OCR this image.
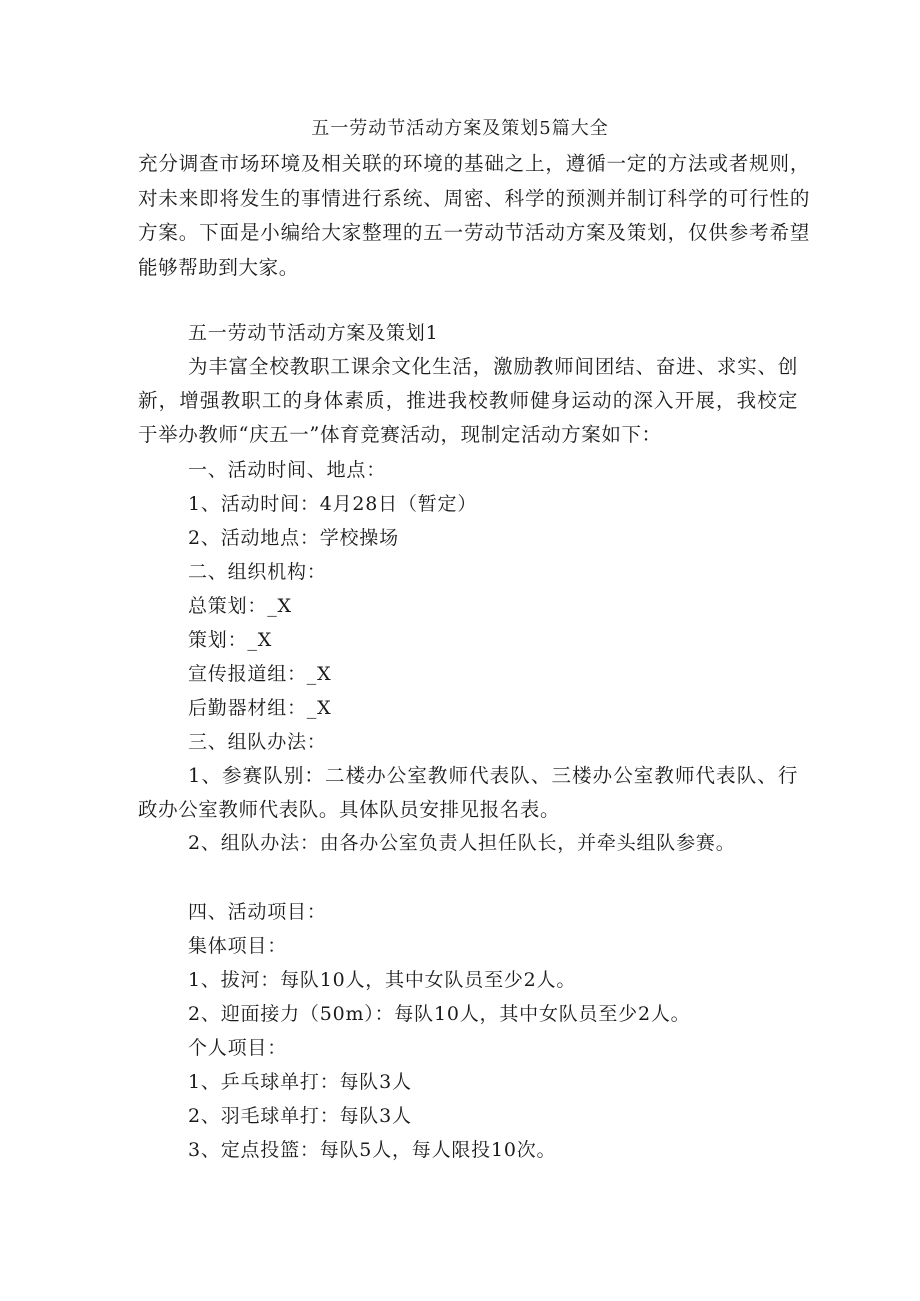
五一劳动节活动方案及策划5篇大全

充分调查市场环境及相关联的环境的基础之上，遵循一定的方法或者规则，对未来即将发生的事情进行系统、周密、科学的预测并制订科学的可行性的方案。下面是小编给大家整理的五一劳动节活动方案及策划，仅供参考希望能够帮助到大家。

五一劳动节活动方案及策划1

为丰富全校教职工课余文化生活，激励教师间团结、奋进、求实、创新，增强教职工的身体素质，推进我校教师健身运动的深入开展，我校定于举办教师“庆五一”体育竞赛活动，现制定活动方案如下：

一、活动时间、地点：

1、活动时间：4月28日（暂定）

2、活动地点：学校操场

二、组织机构：

总策划：_X

策划：_X

宣传报道组：_X

后勤器材组：_X

三、组队办法：

1、参赛队别：二楼办公室教师代表队、三楼办公室教师代表队、行政办公室教师代表队。具体队员安排见报名表。

2、组队办法：由各办公室负责人担任队长，并牵头组队参赛。

四、活动项目：

集体项目：

1、拔河：每队10人，其中女队员至少2人。

2、迎面接力（50m）：每队10人，其中女队员至少2人。

个人项目：

1、乒乓球单打：每队3人

2、羽毛球单打：每队3人

3、定点投篮：每队5人，每人限投10次。
